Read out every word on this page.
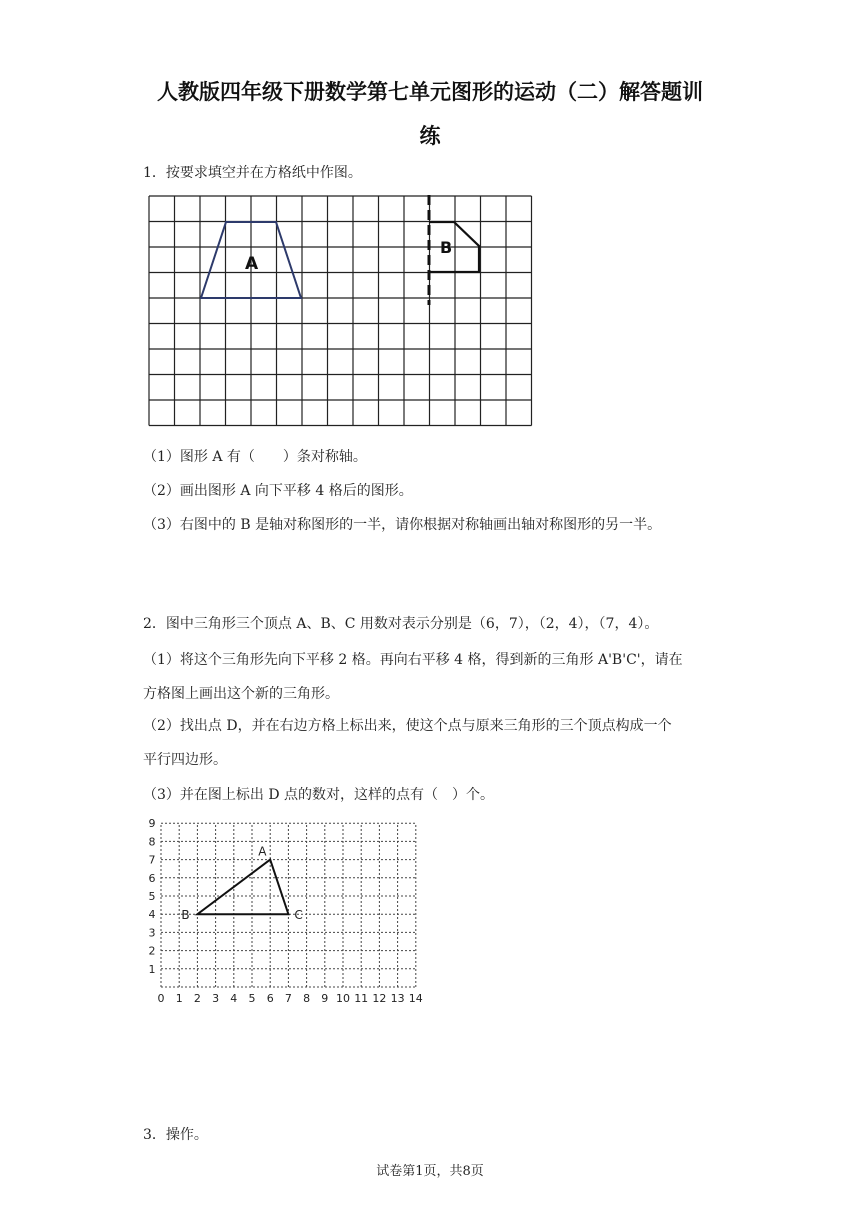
人教版四年级下册数学第七单元图形的运动（二）解答题训
练
1．按要求填空并在方格纸中作图。
A
B
（1）图形 A 有（　　）条对称轴。
（2）画出图形 A 向下平移 4 格后的图形。
（3）右图中的 B 是轴对称图形的一半，请你根据对称轴画出轴对称图形的另一半。
2．图中三角形三个顶点 A、B、C 用数对表示分别是（6，7），（2，4），（7，4）。
（1）将这个三角形先向下平移 2 格。再向右平移 4 格，得到新的三角形 A'B'C'，请在
方格图上画出这个新的三角形。
（2）找出点 D，并在右边方格上标出来，使这个点与原来三角形的三个顶点构成一个
平行四边形。
（3）并在图上标出 D 点的数对，这样的点有（　）个。
0 1 2 3 4 5 6 7 8 9 10 11 12 13 14
1
2
3
4
5
6
7
8
9
A
B	C
3．操作。
试卷第1页，共8页
